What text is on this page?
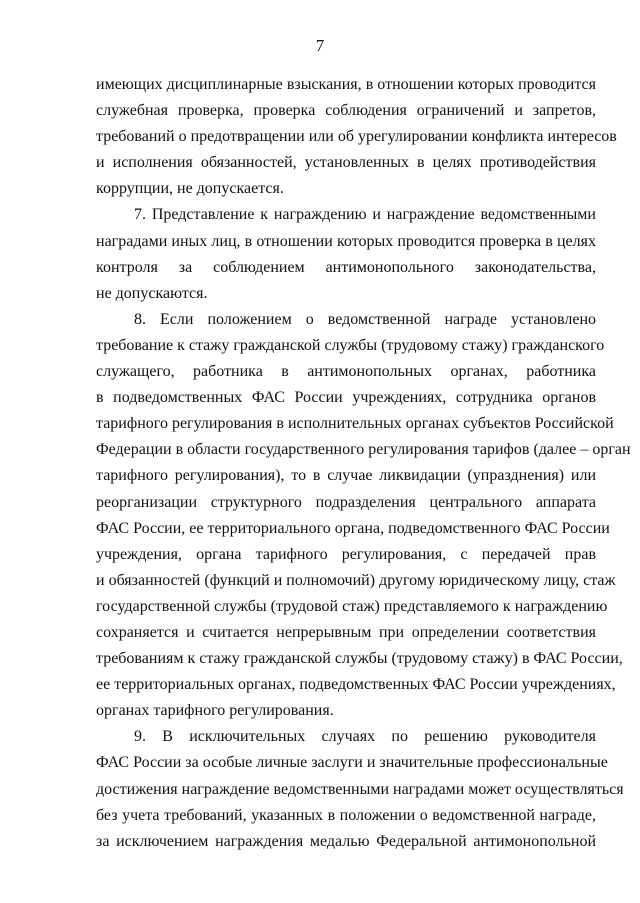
7
имеющих дисциплинарные взыскания, в отношении которых проводится
служебная проверка, проверка соблюдения ограничений и запретов,
требований о предотвращении или об урегулировании конфликта интересов
и исполнения обязанностей, установленных в целях противодействия
коррупции, не допускается.
7. Представление к награждению и награждение ведомственными
наградами иных лиц, в отношении которых проводится проверка в целях
контроля за соблюдением антимонопольного законодательства,
не допускаются.
8. Если положением о ведомственной награде установлено
требование к стажу гражданской службы (трудовому стажу) гражданского
служащего, работника в антимонопольных органах, работника
в подведомственных ФАС России учреждениях, сотрудника органов
тарифного регулирования в исполнительных органах субъектов Российской
Федерации в области государственного регулирования тарифов (далее – орган
тарифного регулирования), то в случае ликвидации (упразднения) или
реорганизации структурного подразделения центрального аппарата
ФАС России, ее территориального органа, подведомственного ФАС России
учреждения, органа тарифного регулирования, с передачей прав
и обязанностей (функций и полномочий) другому юридическому лицу, стаж
государственной службы (трудовой стаж) представляемого к награждению
сохраняется и считается непрерывным при определении соответствия
требованиям к стажу гражданской службы (трудовому стажу) в ФАС России,
ее территориальных органах, подведомственных ФАС России учреждениях,
органах тарифного регулирования.
9. В исключительных случаях по решению руководителя
ФАС России за особые личные заслуги и значительные профессиональные
достижения награждение ведомственными наградами может осуществляться
без учета требований, указанных в положении о ведомственной награде,
за исключением награждения медалью Федеральной антимонопольной
